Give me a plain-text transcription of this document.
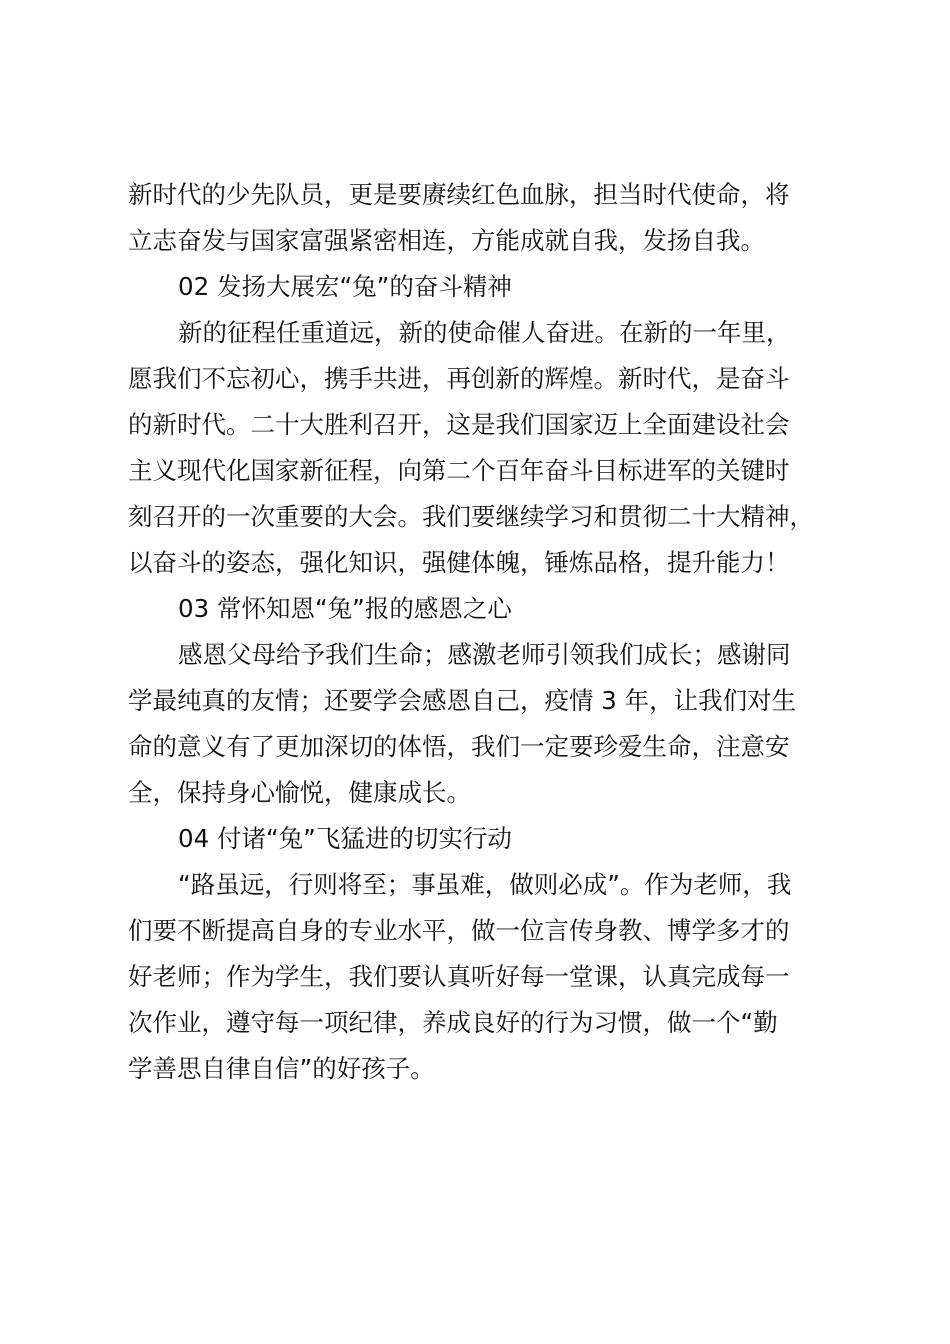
新时代的少先队员，更是要赓续红色血脉，担当时代使命，将
立志奋发与国家富强紧密相连，方能成就自我，发扬自我。
02 发扬大展宏“兔”的奋斗精神
新的征程任重道远，新的使命催人奋进。在新的一年里，
愿我们不忘初心，携手共进，再创新的辉煌。新时代，是奋斗
的新时代。二十大胜利召开，这是我们国家迈上全面建设社会
主义现代化国家新征程，向第二个百年奋斗目标进军的关键时
刻召开的一次重要的大会。我们要继续学习和贯彻二十大精神，
以奋斗的姿态，强化知识，强健体魄，锤炼品格，提升能力！
03 常怀知恩“兔”报的感恩之心
感恩父母给予我们生命；感激老师引领我们成长；感谢同
学最纯真的友情；还要学会感恩自己，疫情 3 年，让我们对生
命的意义有了更加深切的体悟，我们一定要珍爱生命，注意安
全，保持身心愉悦，健康成长。
04 付诸“兔”飞猛进的切实行动
“路虽远，行则将至；事虽难，做则必成”。作为老师，我
们要不断提高自身的专业水平，做一位言传身教、博学多才的
好老师；作为学生，我们要认真听好每一堂课，认真完成每一
次作业，遵守每一项纪律，养成良好的行为习惯，做一个“勤
学善思自律自信”的好孩子。
